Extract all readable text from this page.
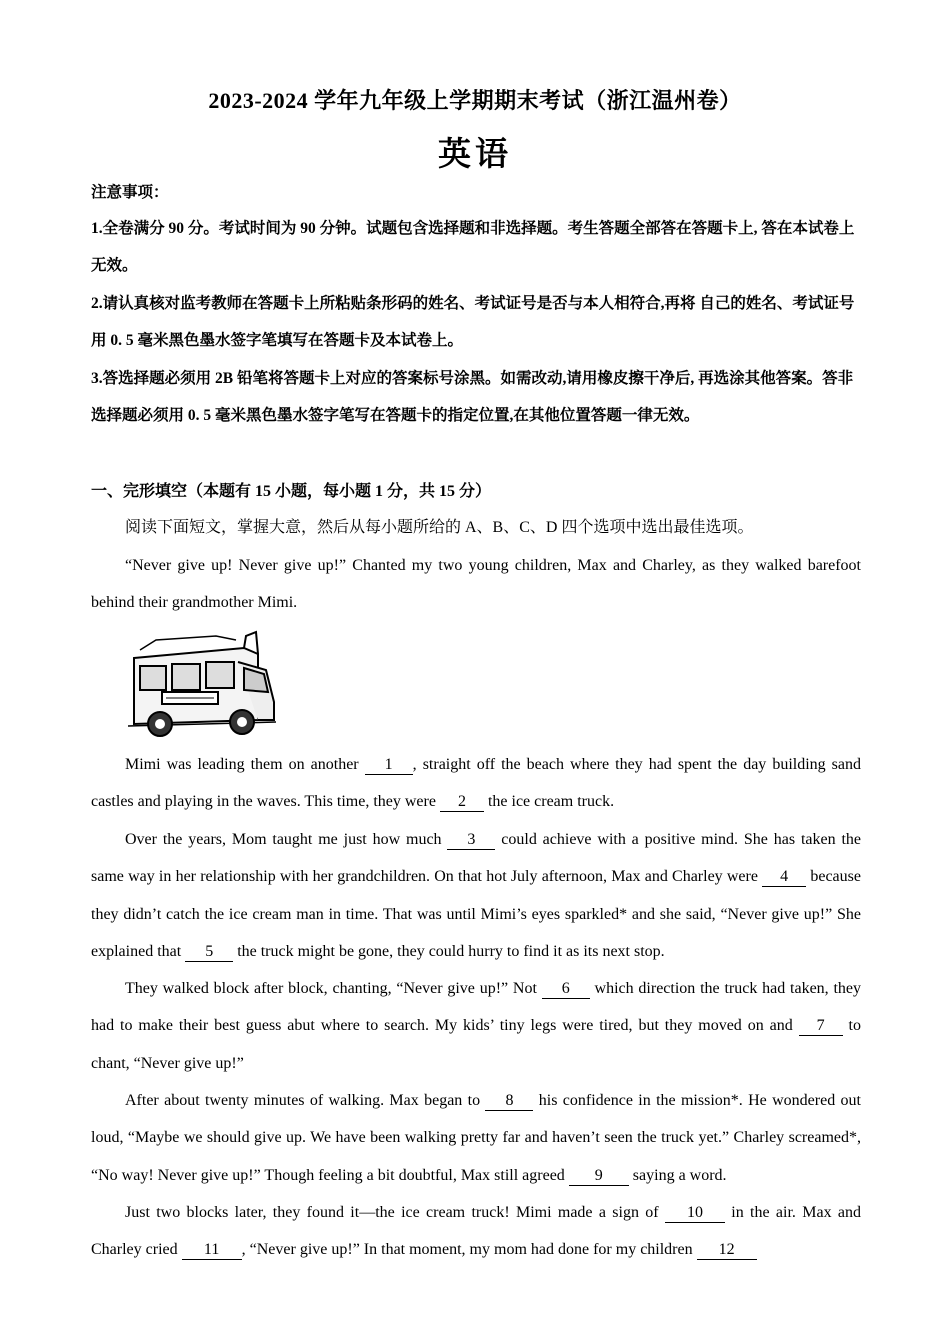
2023-2024 学年九年级上学期期末考试（浙江温州卷）
英语
注意事项：
1.全卷满分 90 分。考试时间为 90 分钟。试题包含选择题和非选择题。考生答题全部答在答题卡上, 答在本试卷上无效。
2.请认真核对监考教师在答题卡上所粘贴条形码的姓名、考试证号是否与本人相符合,再将 自己的姓名、考试证号用 0. 5 毫米黑色墨水签字笔填写在答题卡及本试卷上。
3.答选择题必须用 2B 铅笔将答题卡上对应的答案标号涂黑。如需改动,请用橡皮擦干净后, 再选涂其他答案。答非选择题必须用 0. 5 毫米黑色墨水签字笔写在答题卡的指定位置,在其他位置答题一律无效。
一、完形填空（本题有 15 小题，每小题 1 分，共 15 分）
阅读下面短文，掌握大意，然后从每小题所给的 A、B、C、D 四个选项中选出最佳选项。
“Never give up! Never give up!” Chanted my two young children, Max and Charley, as they walked barefoot behind their grandmother Mimi.
Mimi was leading them on another 1 , straight off the beach where they had spent the day building sand castles and playing in the waves. This time, they were 2 the ice cream truck.
Over the years, Mom taught me just how much 3 could achieve with a positive mind. She has taken the same way in her relationship with her grandchildren. On that hot July afternoon, Max and Charley were 4 because they didn’t catch the ice cream man in time. That was until Mimi’s eyes sparkled* and she said, “Never give up!” She explained that 5 the truck might be gone, they could hurry to find it as its next stop.
They walked block after block, chanting, “Never give up!” Not 6 which direction the truck had taken, they had to make their best guess abut where to search. My kids’ tiny legs were tired, but they moved on and 7 to chant, “Never give up!”
After about twenty minutes of walking. Max began to 8 his confidence in the mission*. He wondered out loud, “Maybe we should give up. We have been walking pretty far and haven’t seen the truck yet.” Charley screamed*, “No way! Never give up!” Though feeling a bit doubtful, Max still agreed 9 saying a word.
Just two blocks later, they found it—the ice cream truck! Mimi made a sign of 10 in the air. Max and Charley cried 11 , “Never give up!” In that moment, my mom had done for my children 12
